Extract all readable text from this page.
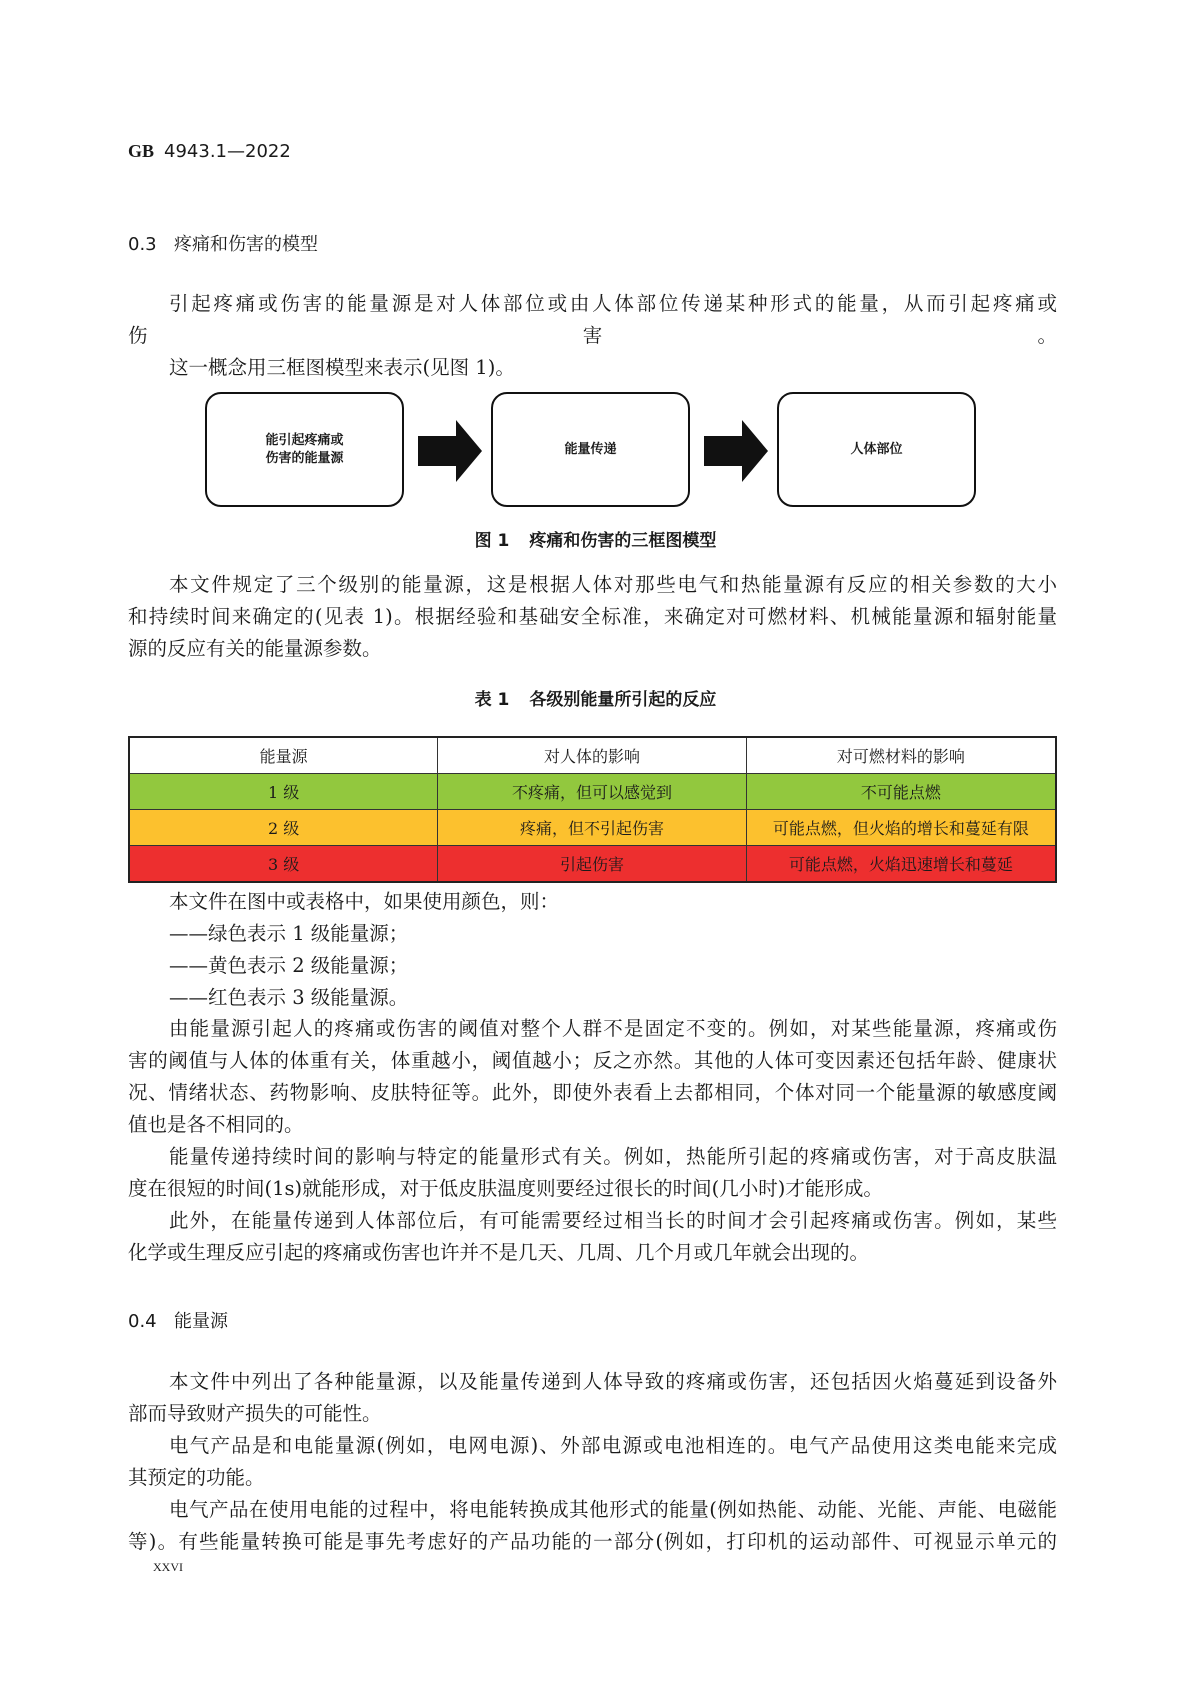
GB 4943.1—2022
0.3 疼痛和伤害的模型
引起疼痛或伤害的能量源是对人体部位或由人体部位传递某种形式的能量，从而引起疼痛或
伤害。
这一概念用三框图模型来表示(见图 1)。
能引起疼痛或
伤害的能量源
能量传递	人体部位
图 1 疼痛和伤害的三框图模型
本文件规定了三个级别的能量源，这是根据人体对那些电气和热能量源有反应的相关参数的大小
和持续时间来确定的(见表 1)。根据经验和基础安全标准，来确定对可燃材料、机械能量源和辐射能量
源的反应有关的能量源参数。
表 1 各级别能量所引起的反应
能量源	对人体的影响	对可燃材料的影响
1 级	不疼痛，但可以感觉到	不可能点燃
2 级	疼痛，但不引起伤害	可能点燃，但火焰的增长和蔓延有限
3 级	引起伤害	可能点燃，火焰迅速增长和蔓延
本文件在图中或表格中，如果使用颜色，则：
——绿色表示 1 级能量源；
——黄色表示 2 级能量源；
——红色表示 3 级能量源。
由能量源引起人的疼痛或伤害的阈值对整个人群不是固定不变的。例如，对某些能量源，疼痛或伤
害的阈值与人体的体重有关，体重越小，阈值越小；反之亦然。其他的人体可变因素还包括年龄、健康状
况、情绪状态、药物影响、皮肤特征等。此外，即使外表看上去都相同，个体对同一个能量源的敏感度阈
值也是各不相同的。
能量传递持续时间的影响与特定的能量形式有关。例如，热能所引起的疼痛或伤害，对于高皮肤温
度在很短的时间(1s)就能形成，对于低皮肤温度则要经过很长的时间(几小时)才能形成。
此外，在能量传递到人体部位后，有可能需要经过相当长的时间才会引起疼痛或伤害。例如，某些
化学或生理反应引起的疼痛或伤害也许并不是几天、几周、几个月或几年就会出现的。
0.4 能量源
本文件中列出了各种能量源，以及能量传递到人体导致的疼痛或伤害，还包括因火焰蔓延到设备外
部而导致财产损失的可能性。
电气产品是和电能量源(例如，电网电源)、外部电源或电池相连的。电气产品使用这类电能来完成
其预定的功能。
电气产品在使用电能的过程中，将电能转换成其他形式的能量(例如热能、动能、光能、声能、电磁能
等)。有些能量转换可能是事先考虑好的产品功能的一部分(例如，打印机的运动部件、可视显示单元的
XXVI
